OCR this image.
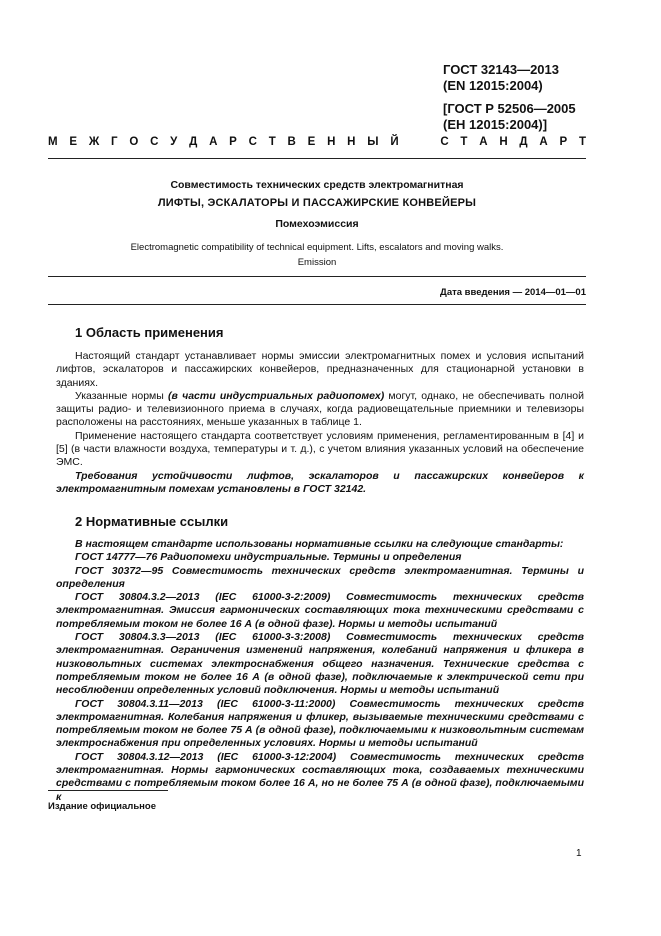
ГОСТ 32143—2013
(EN 12015:2004)
[ГОСТ Р 52506—2005
(ЕН 12015:2004)]
М Е Ж Г О С У Д А Р С Т В Е Н Н Ы Й

	С Т А Н Д А Р Т
Совместимость технических средств электромагнитная
ЛИФТЫ, ЭСКАЛАТОРЫ И ПАССАЖИРСКИЕ КОНВЕЙЕРЫ
Помехоэмиссия
Electromagnetic compatibility of technical equipment. Lifts, escalators and moving walks.
Emission
Дата введения — 2014—01—01
1 Область применения

Настоящий стандарт устанавливает нормы эмиссии электромагнитных помех и условия испытаний лифтов, эскалаторов и пассажирских конвейеров, предназначенных для стационарной установки в зданиях.

Указанные нормы (в части индустриальных радиопомех) могут, однако, не обеспечивать полной защиты радио- и телевизионного приема в случаях, когда радиовещательные приемники и телевизоры расположены на расстояниях, меньше указанных в таблице 1.

Применение настоящего стандарта соответствует условиям применения, регламентированным в [4] и [5] (в части влажности воздуха, температуры и т. д.), с учетом влияния указанных условий на обеспечение ЭМС.

Требования устойчивости лифтов, эскалаторов и пассажирских конвейеров к электромагнитным помехам установлены в ГОСТ 32142.

2 Нормативные ссылки

В настоящем стандарте использованы нормативные ссылки на следующие стандарты:

ГОСТ 14777—76 Радиопомехи индустриальные. Термины и определения

ГОСТ 30372—95 Совместимость технических средств электромагнитная. Термины и определения

ГОСТ 30804.3.2—2013 (IEC 61000-3-2:2009) Совместимость технических средств электромагнитная. Эмиссия гармонических составляющих тока техническими средствами с потребляемым током не более 16 А (в одной фазе). Нормы и методы испытаний

ГОСТ 30804.3.3—2013 (IEC 61000-3-3:2008) Совместимость технических средств электромагнитная. Ограничения изменений напряжения, колебаний напряжения и фликера в низковольтных системах электроснабжения общего назначения. Технические средства с потребляемым током не более 16 А (в одной фазе), подключаемые к электрической сети при несоблюдении определенных условий подключения. Нормы и методы испытаний

ГОСТ 30804.3.11—2013 (IEC 61000-3-11:2000) Совместимость технических средств электромагнитная. Колебания напряжения и фликер, вызываемые техническими средствами с потребляемым током не более 75 А (в одной фазе), подключаемыми к низковольтным системам электроснабжения при определенных условиях. Нормы и методы испытаний

ГОСТ 30804.3.12—2013 (IEC 61000-3-12:2004) Совместимость технических средств электромагнитная. Нормы гармонических составляющих тока, создаваемых техническими средствами с потребляемым током более 16 А, но не более 75 А (в одной фазе), подключаемыми к

Издание официальное
1
